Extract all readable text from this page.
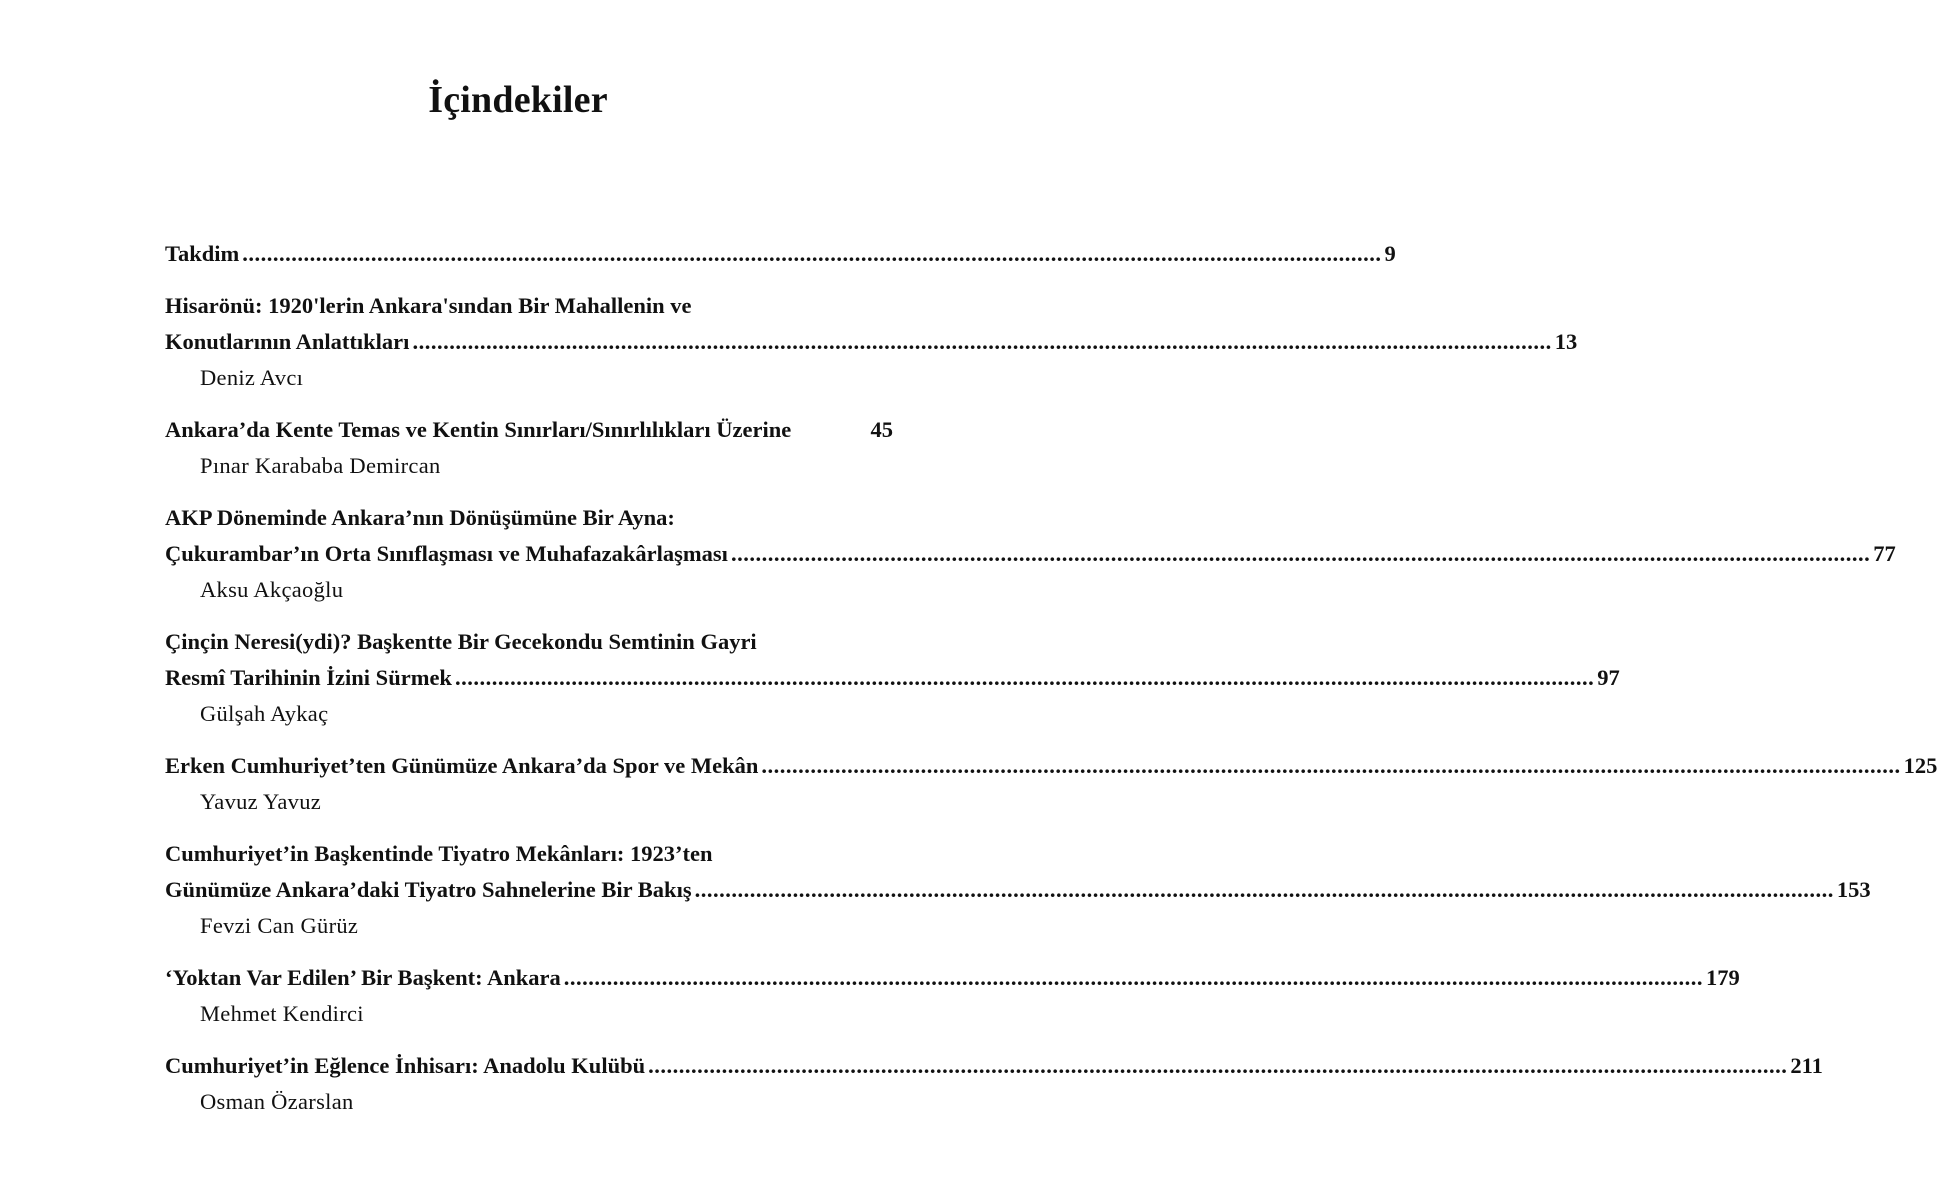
İçindekiler
Takdim .......................................................................................................................................................................................... 9
Hisarönü: 1920'lerin Ankara'sından Bir Mahallenin ve
Konutlarının Anlattıkları .......................................................................................................................................................................................... 13
Deniz Avcı
Ankara’da Kente Temas ve Kentin Sınırları/Sınırlılıkları Üzerine	45
Pınar Karababa Demircan
AKP Döneminde Ankara’nın Dönüşümüne Bir Ayna:
Çukurambar’ın Orta Sınıflaşması ve Muhafazakârlaşması .......................................................................................................................................................................................... 77
Aksu Akçaoğlu
Çinçin Neresi(ydi)? Başkentte Bir Gecekondu Semtinin Gayri
Resmî Tarihinin İzini Sürmek .......................................................................................................................................................................................... 97
Gülşah Aykaç
Erken Cumhuriyet’ten Günümüze Ankara’da Spor ve Mekân .......................................................................................................................................................................................... 125
Yavuz Yavuz
Cumhuriyet’in Başkentinde Tiyatro Mekânları: 1923’ten
Günümüze Ankara’daki Tiyatro Sahnelerine Bir Bakış .......................................................................................................................................................................................... 153
Fevzi Can Gürüz
‘Yoktan Var Edilen’ Bir Başkent: Ankara .......................................................................................................................................................................................... 179
Mehmet Kendirci
Cumhuriyet’in Eğlence İnhisarı: Anadolu Kulübü .......................................................................................................................................................................................... 211
Osman Özarslan
